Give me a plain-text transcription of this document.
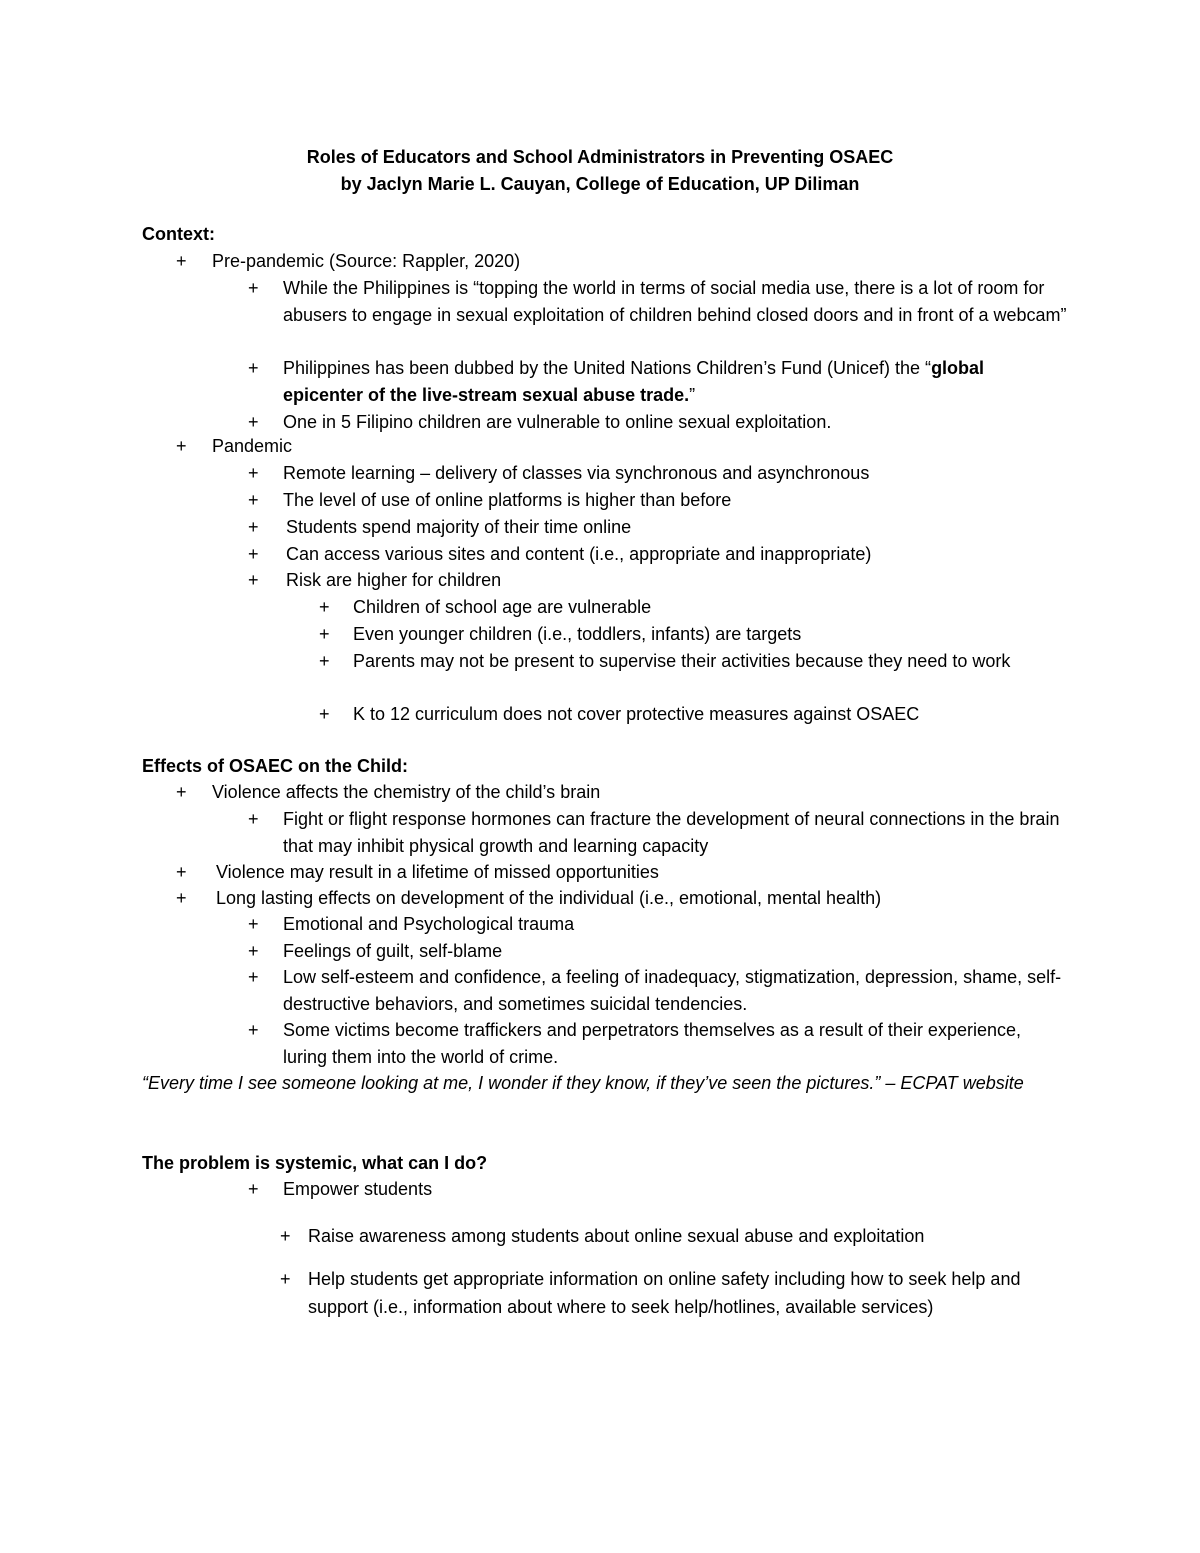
Roles of Educators and School Administrators in Preventing OSAEC
by Jaclyn Marie L. Cauyan, College of Education, UP Diliman
Context:
+ Pre-pandemic (Source: Rappler, 2020)
+ While the Philippines is “topping the world in terms of social media use, there is a lot of room for abusers to engage in sexual exploitation of children behind closed doors and in front of a webcam”
+ Philippines has been dubbed by the United Nations Children’s Fund (Unicef) the “global epicenter of the live-stream sexual abuse trade.”
+ One in 5 Filipino children are vulnerable to online sexual exploitation.
+ Pandemic
+ Remote learning – delivery of classes via synchronous and asynchronous
+ The level of use of online platforms is higher than before
+ Students spend majority of their time online
+ Can access various sites and content (i.e., appropriate and inappropriate)
+ Risk are higher for children
+ Children of school age are vulnerable
+ Even younger children (i.e., toddlers, infants) are targets
+ Parents may not be present to supervise their activities because they need to work
+ K to 12 curriculum does not cover protective measures against OSAEC
Effects of OSAEC on the Child:
+ Violence affects the chemistry of the child’s brain
+ Fight or flight response hormones can fracture the development of neural connections in the brain that may inhibit physical growth and learning capacity
+ Violence may result in a lifetime of missed opportunities
+ Long lasting effects on development of the individual (i.e., emotional, mental health)
+ Emotional and Psychological trauma
+ Feelings of guilt, self-blame
+ Low self-esteem and confidence, a feeling of inadequacy, stigmatization, depression, shame, self-destructive behaviors, and sometimes suicidal tendencies.
+ Some victims become traffickers and perpetrators themselves as a result of their experience, luring them into the world of crime.
“Every time I see someone looking at me, I wonder if they know, if they’ve seen the pictures.” – ECPAT website
The problem is systemic, what can I do?
+ Empower students
+ Raise awareness among students about online sexual abuse and exploitation
+ Help students get appropriate information on online safety including how to seek help and support (i.e., information about where to seek help/hotlines, available services)
